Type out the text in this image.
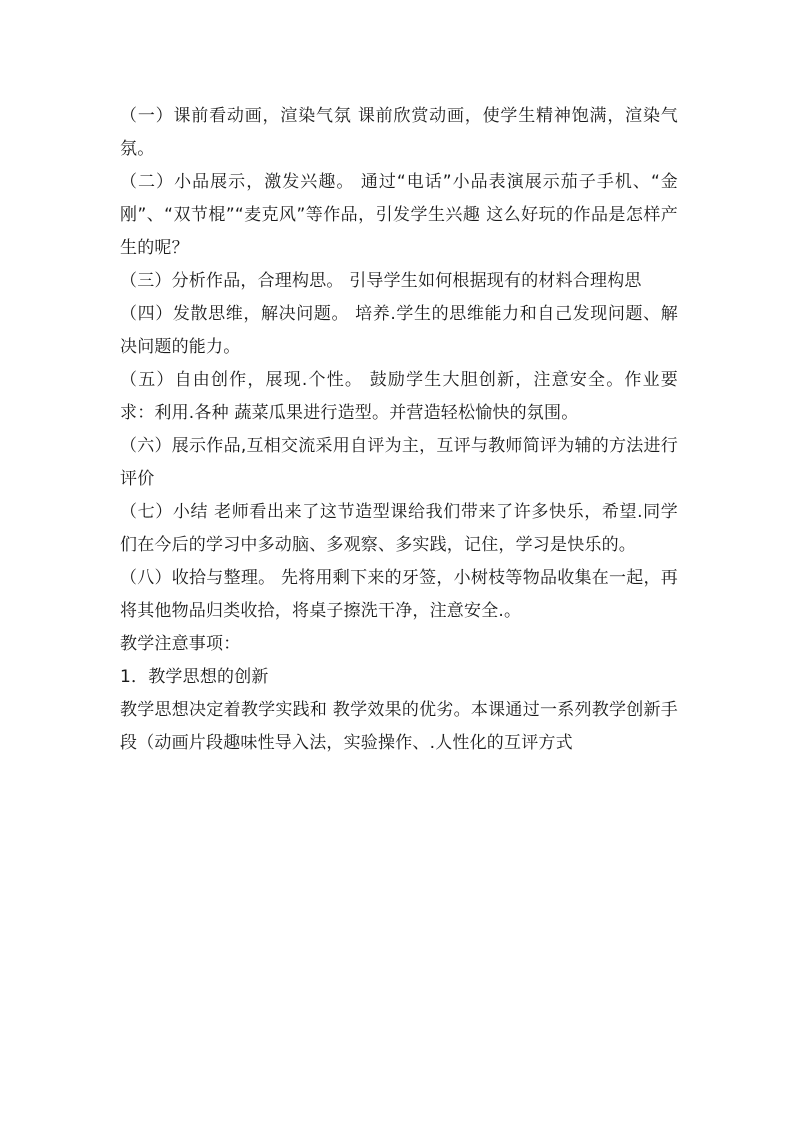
（一）课前看动画，渲染气氛 课前欣赏动画，使学生精神饱满，渲染气氛。

（二）小品展示，激发兴趣。 通过“电话”小品表演展示茄子手机、“金刚”、“双节棍”“麦克风”等作品，引发学生兴趣 这么好玩的作品是怎样产生的呢？

（三）分析作品，合理构思。 引导学生如何根据现有的材料合理构思

（四）发散思维，解决问题。 培养.学生的思维能力和自己发现问题、解决问题的能力。

（五）自由创作，展现.个性。 鼓励学生大胆创新，注意安全。作业要求：利用.各种 蔬菜瓜果进行造型。并营造轻松愉快的氛围。

（六）展示作品,互相交流采用自评为主，互评与教师简评为辅的方法进行评价

（七）小结 老师看出来了这节造型课给我们带来了许多快乐，希望.同学们在今后的学习中多动脑、多观察、多实践，记住，学习是快乐的。

（八）收拾与整理。 先将用剩下来的牙签，小树枝等物品收集在一起，再将其他物品归类收拾，将桌子擦洗干净，注意安全.。

教学注意事项：

1．教学思想的创新

教学思想决定着教学实践和 教学效果的优劣。本课通过一系列教学创新手段（动画片段趣味性导入法，实验操作、.人性化的互评方式
